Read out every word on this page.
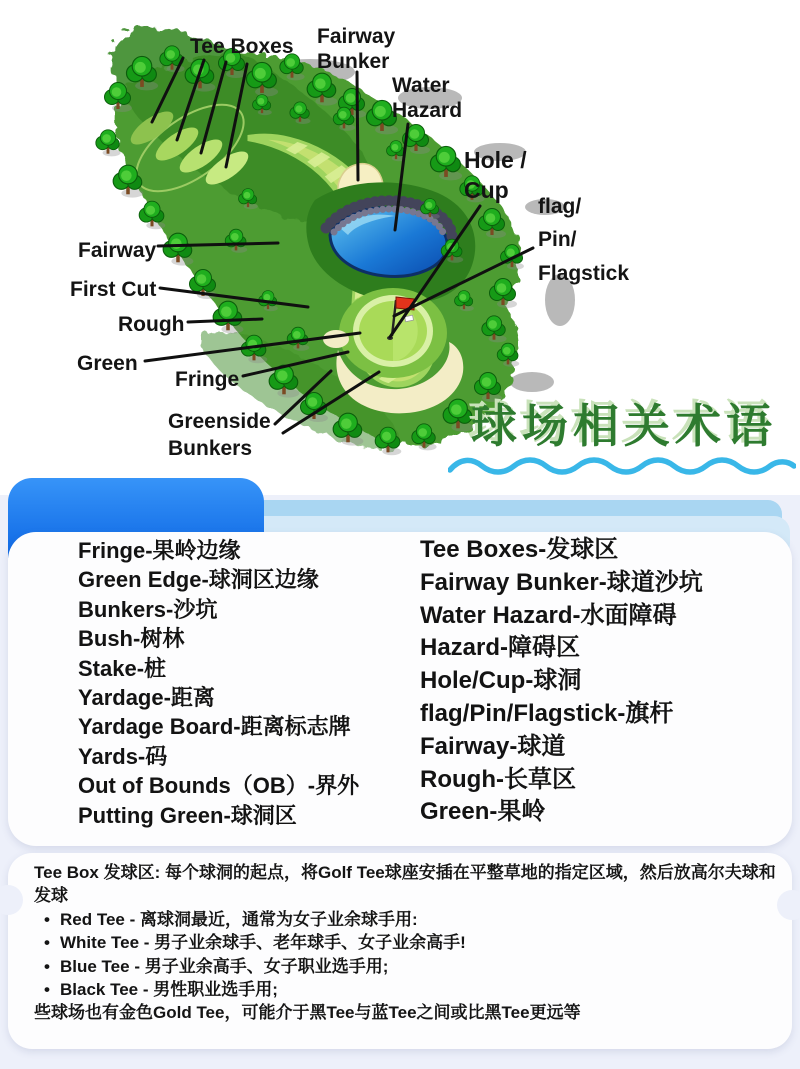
Tee Boxes Fairway
Bunker
Water
Hazard
Hole /
Cup
flag/
Pin/
Flagstick
Fairway
First Cut
Rough
Green
Fringe
Greenside
Bunkers	球场相关术语
Fringe-果岭边缘
Green Edge-球洞区边缘
Bunkers-沙坑
Bush-树林
Stake-桩
Yardage-距离
Yardage Board-距离标志牌
Yards-码
Out of Bounds（OB）-界外
Putting Green-球洞区
Tee Boxes-发球区
Fairway Bunker-球道沙坑
Water Hazard-水面障碍
Hazard-障碍区
Hole/Cup-球洞
flag/Pin/Flagstick-旗杆
Fairway-球道
Rough-长草区
Green-果岭

Tee Box 发球区: 每个球洞的起点，将Golf Tee球座安插在平整草地的指定区域，然后放高尔夫球和发球

• Red Tee - 离球洞最近，通常为女子业余球手用:
• White Tee - 男子业余球手、老年球手、女子业余高手!
• Blue Tee - 男子业余高手、女子职业选手用;
• Black Tee - 男性职业选手用;

些球场也有金色Gold Tee，可能介于黑Tee与蓝Tee之间或比黑Tee更远等
